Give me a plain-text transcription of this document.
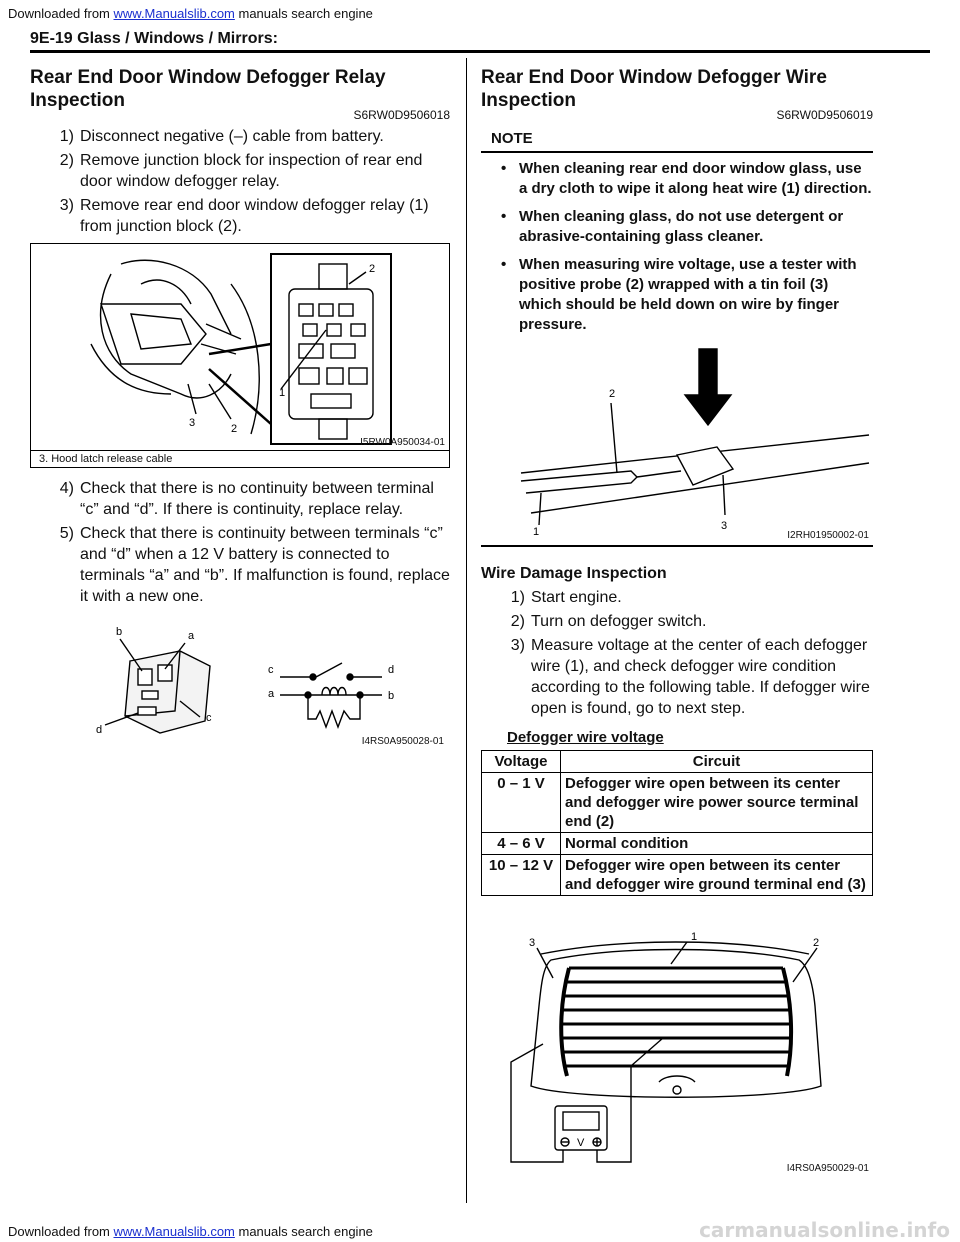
Downloaded from www.Manualslib.com manuals search engine
9E-19 Glass / Windows / Mirrors:
Rear End Door Window Defogger Relay Inspection
S6RW0D9506018
1) Disconnect negative (–) cable from battery.
2) Remove junction block for inspection of rear end door window defogger relay.
3) Remove rear end door window defogger relay (1) from junction block (2).
1
2
3	2
I5RW0A950034-01
3. Hood latch release cable
4) Check that there is no continuity between terminal “c” and “d”. If there is continuity, replace relay.
5) Check that there is continuity between terminals “c” and “d” when a 12 V battery is connected to terminals “a” and “b”. If malfunction is found, replace it with a new one.
b	a
d
c
c	d
a	b
I4RS0A950028-01
Rear End Door Window Defogger Wire Inspection
S6RW0D9506019
NOTE
• When cleaning rear end door window glass, use a dry cloth to wipe it along heat wire (1) direction.
• When cleaning glass, do not use detergent or abrasive-containing glass cleaner.
• When measuring wire voltage, use a tester with positive probe (2) wrapped with a tin foil (3) which should be held down on wire by finger pressure.
2
1	3
I2RH01950002-01
Wire Damage Inspection
1) Start engine.
2) Turn on defogger switch.
3) Measure voltage at the center of each defogger wire (1), and check defogger wire condition according to the following table. If defogger wire open is found, go to next step.
Defogger wire voltage
Voltage	Circuit
0 – 1 V	Defogger wire open between its center and defogger wire power source terminal end (2)
4 – 6 V	Normal condition
10 – 12 V	Defogger wire open between its center and defogger wire ground terminal end (3)
1	2
3
V
I4RS0A950029-01
Downloaded from www.Manualslib.com manuals search engine	carmanualsonline.info
